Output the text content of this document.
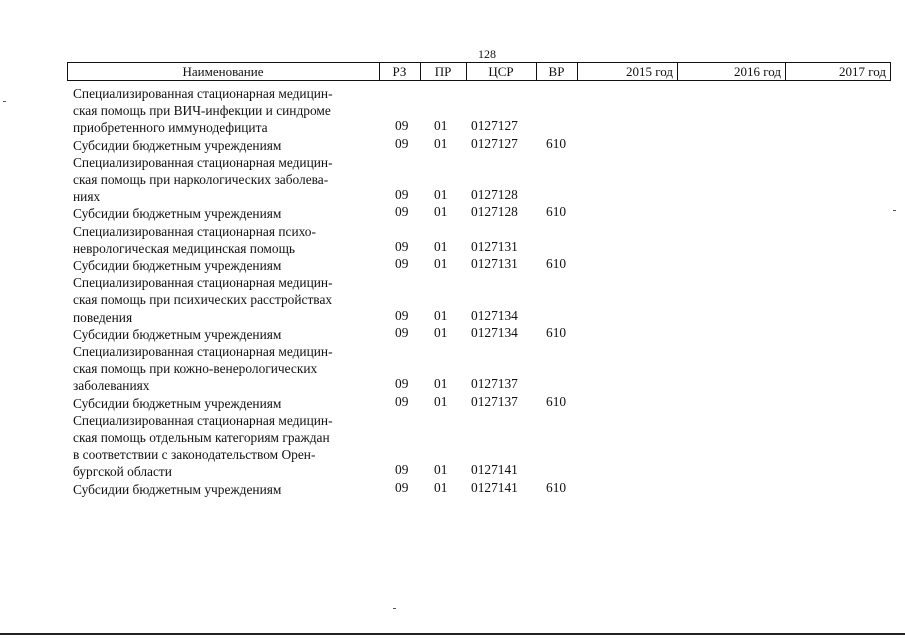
128
Наименование	РЗ	ПР	ЦСР	ВР	2015 год	2016 год	2017 год
Специализированная стационарная медицин-
ская помощь при ВИЧ-инфекции и синдроме
приобретенного иммунодефицита	09 01 0127127
Субсидии бюджетным учреждениям	09 01 0127127 610
Специализированная стационарная медицин-
ская помощь при наркологических заболева-
ниях	09 01 0127128
Субсидии бюджетным учреждениям	09 01 0127128 610
Специализированная стационарная психо-
неврологическая медицинская помощь	09 01 0127131
Субсидии бюджетным учреждениям	09 01 0127131 610
Специализированная стационарная медицин-
ская помощь при психических расстройствах
поведения	09 01 0127134
Субсидии бюджетным учреждениям	09 01 0127134 610
Специализированная стационарная медицин-
ская помощь при кожно-венерологических
заболеваниях	09 01 0127137
Субсидии бюджетным учреждениям	09 01 0127137 610
Специализированная стационарная медицин-
ская помощь отдельным категориям граждан
в соответствии с законодательством Орен-
бургской области	09 01 0127141
Субсидии бюджетным учреждениям	09 01 0127141 610
